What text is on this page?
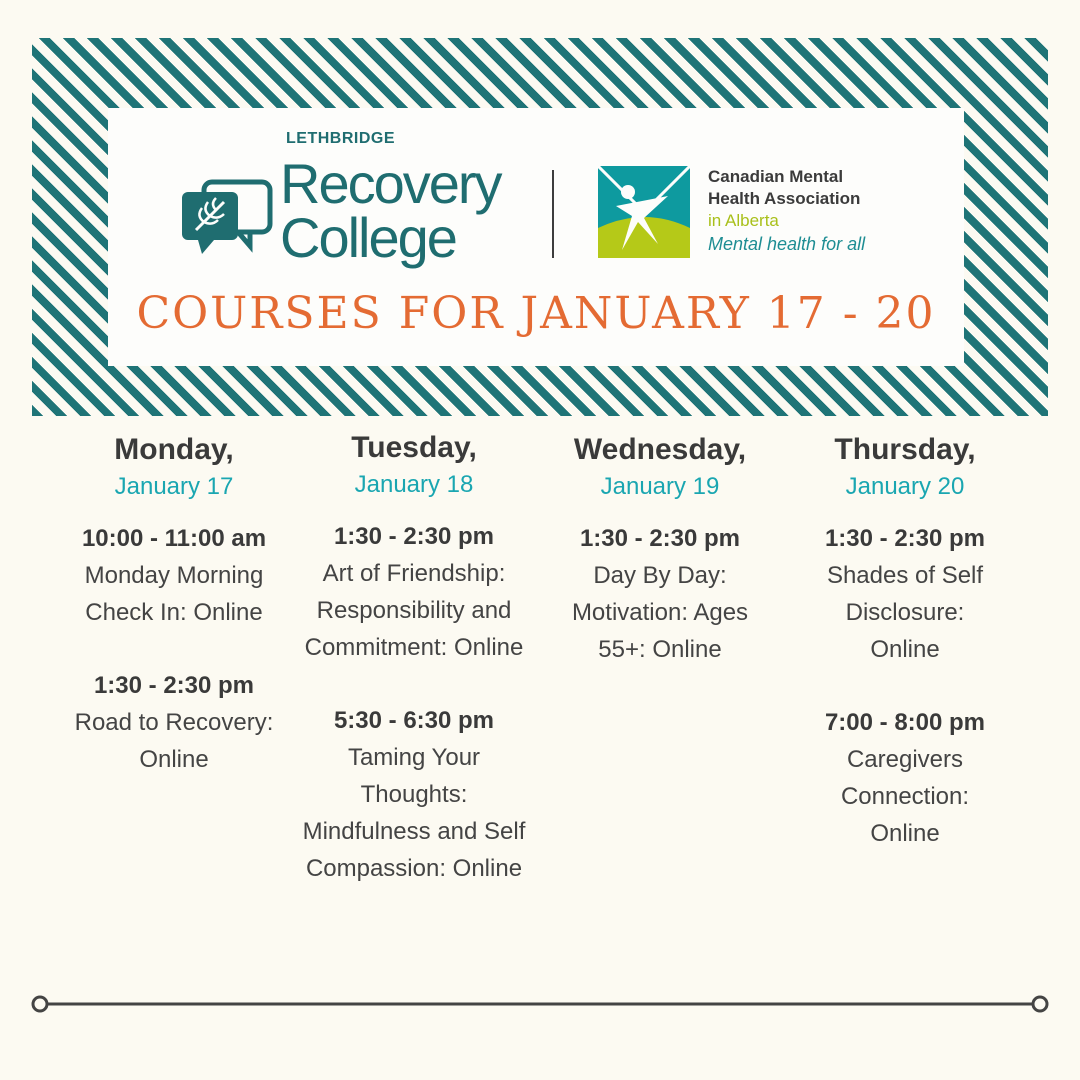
LETHBRIDGE
Recovery
College
Canadian Mental
Health Association
in Alberta
Mental health for all
COURSES FOR JANUARY 17 - 20
Monday,
January 17
10:00 - 11:00 am
Monday Morning Check In: Online
1:30 - 2:30 pm
Road to Recovery: Online
Tuesday,
January 18
1:30 - 2:30 pm
Art of Friendship: Responsibility and Commitment: Online
5:30 - 6:30 pm
Taming Your Thoughts: Mindfulness and Self Compassion: Online
Wednesday,
January 19
1:30 - 2:30 pm
Day By Day: Motivation: Ages 55+: Online
Thursday,
January 20
1:30 - 2:30 pm
Shades of Self Disclosure: Online
7:00 - 8:00 pm
Caregivers Connection: Online
